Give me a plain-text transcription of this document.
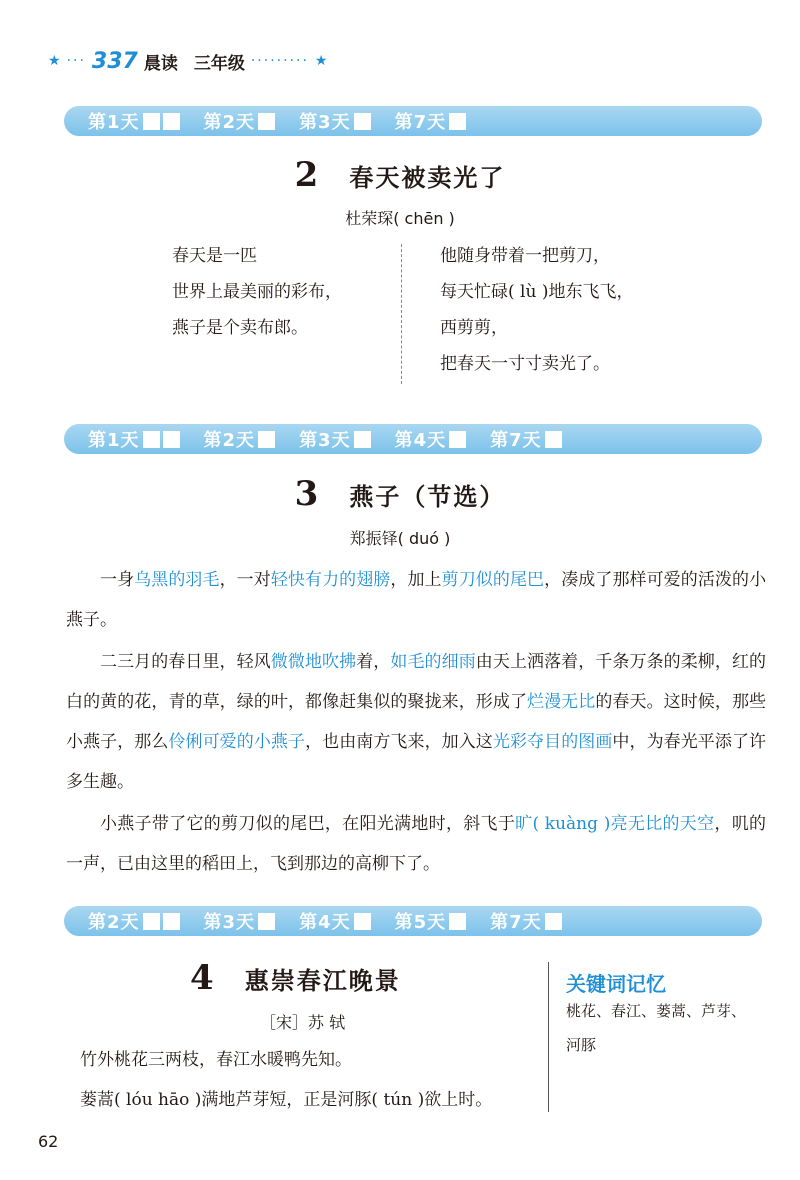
★ ··· 337 晨读 三年级 ········· ★
第1天	第2天 第3天 第7天
2 春天被卖光了
杜荣琛( chēn )
春天是一匹
世界上最美丽的彩布，
燕子是个卖布郎。
他随身带着一把剪刀，
每天忙碌( lù )地东飞飞，
西剪剪，
把春天一寸寸卖光了。
第1天	第2天 第3天 第4天 第7天
3 燕子（节选）
郑振铎( duó )

一身乌黑的羽毛，一对轻快有力的翅膀，加上剪刀似的尾巴，凑成了那样可爱的活泼的小燕子。

二三月的春日里，轻风微微地吹拂着，如毛的细雨由天上洒落着，千条万条的柔柳，红的白的黄的花，青的草，绿的叶，都像赶集似的聚拢来，形成了烂漫无比的春天。这时候，那些小燕子，那么伶俐可爱的小燕子，也由南方飞来，加入这光彩夺目的图画中，为春光平添了许多生趣。

小燕子带了它的剪刀似的尾巴，在阳光满地时，斜飞于旷( kuàng )亮无比的天空，叽的一声，已由这里的稻田上，飞到那边的高柳下了。

第2天	第3天 第4天 第5天 第7天
4 惠崇春江晚景
［宋］苏 轼
竹外桃花三两枝，春江水暖鸭先知。
蒌蒿( lóu hāo )满地芦芽短，正是河豚( tún )欲上时。
关键词记忆
桃花、春江、蒌蒿、芦芽、河豚
62
